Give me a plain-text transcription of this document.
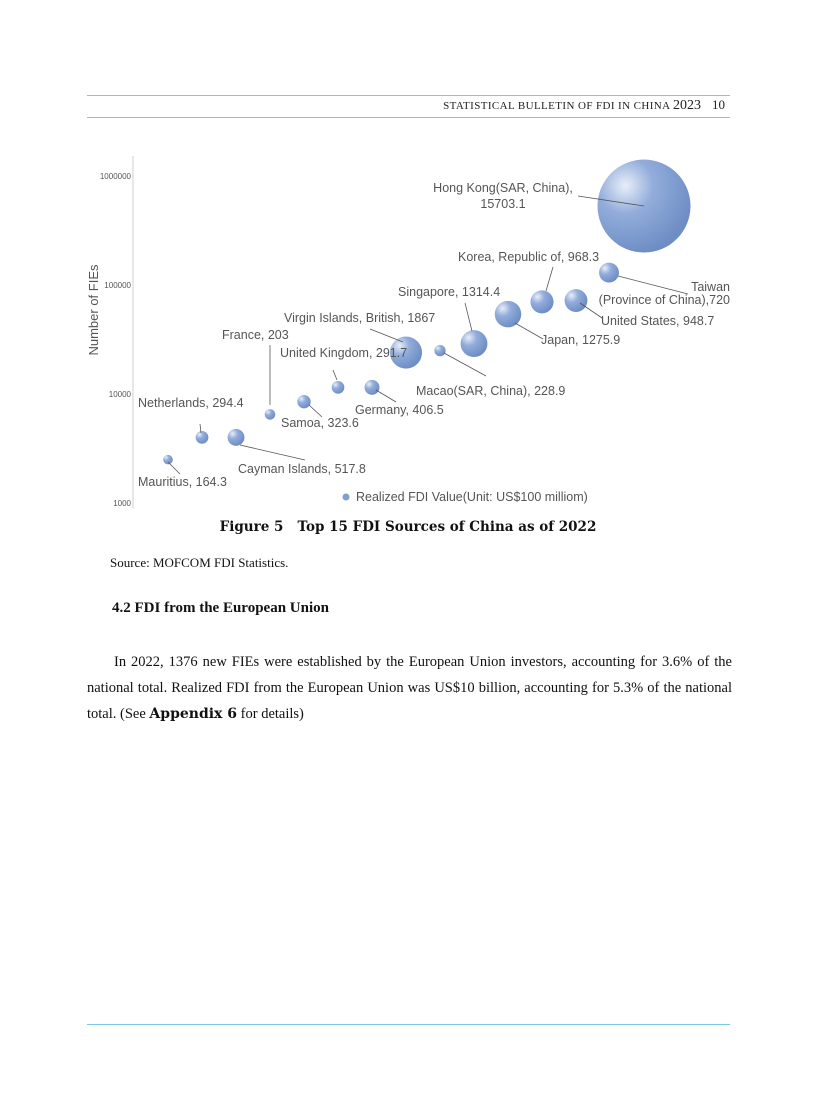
STATISTICAL BULLETIN OF FDI IN CHINA 2023 10
1000
10000
100000
1000000
Number of FIEs
Mauritius, 164.3
Netherlands, 294.4
Cayman Islands, 517.8
France, 203
Samoa, 323.6
United Kingdom, 291.7
Germany, 406.5
Virgin Islands, British, 1867
Macao(SAR, China), 228.9
Singapore, 1314.4
Japan, 1275.9
Korea, Republic of, 968.3
United States, 948.7
Taiwan
(Province of China),720
Hong Kong(SAR, China),
15703.1
Realized FDI Value(Unit: US$100 milliom)
Figure 5   Top 15 FDI Sources of China as of 2022
Source: MOFCOM FDI Statistics.
4.2 FDI from the European Union
In 2022, 1376 new FIEs were established by the European Union investors, accounting for 3.6% of the national total. Realized FDI from the European Union was US$10 billion, accounting for 5.3% of the national total. (See Appendix 6 for details)
